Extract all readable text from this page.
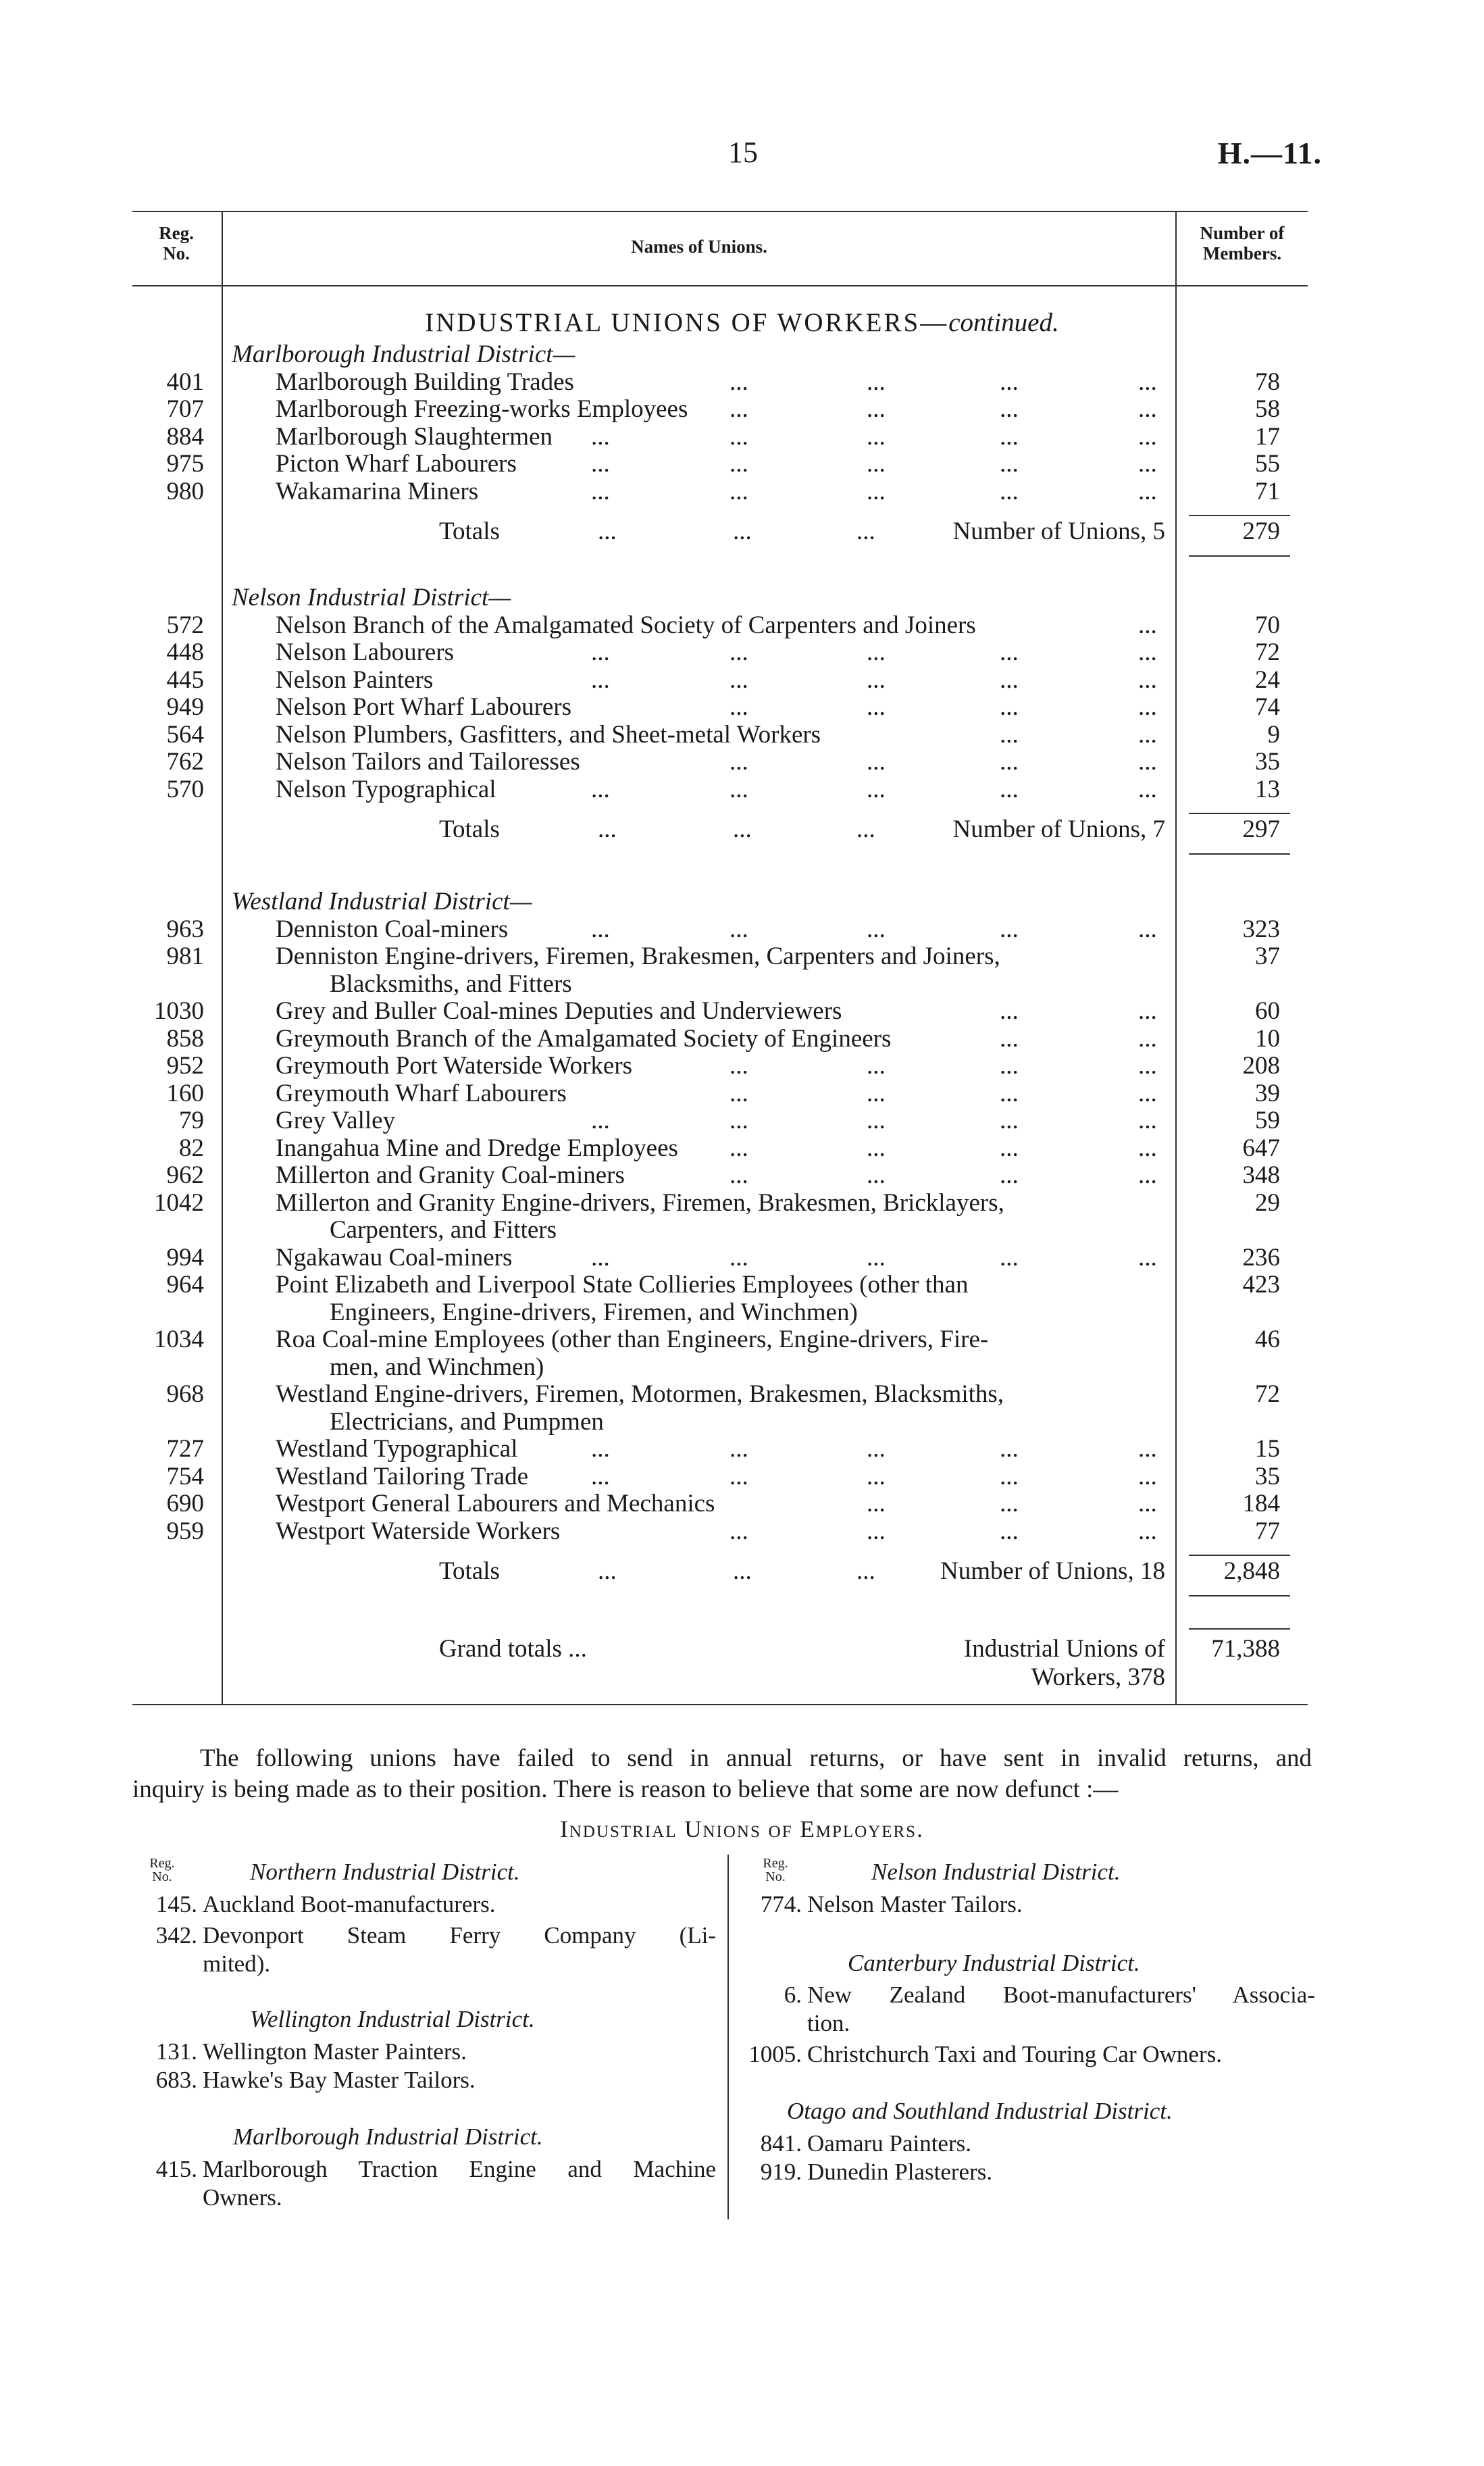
15	H.—11.
Reg.
No.	Names of Unions.
Number of
Members.
INDUSTRIAL UNIONS OF WORKERS—continued.
Marlborough Industrial District—
401	Marlborough Building Trades	...	...	...	...	78
707	Marlborough Freezing-works Employees	...	...	...	...	58
884	Marlborough Slaughtermen	...	...	...	...	...	17
975	Picton Wharf Labourers	...	...	...	...	...	55
980	Wakamarina Miners	...	...	...	...	...	71
Totals	...	...	...	Number of Unions, 5	279
Nelson Industrial District—
572	Nelson Branch of the Amalgamated Society of Carpenters and Joiners	...	70
448	Nelson Labourers	...	...	...	...	...	72
445	Nelson Painters	...	...	...	...	...	24
949	Nelson Port Wharf Labourers	...	...	...	...	74
564	Nelson Plumbers, Gasfitters, and Sheet-metal Workers	...	...	9
762	Nelson Tailors and Tailoresses	...	...	...	...	35
570	Nelson Typographical	...	...	...	...	...	13
Totals	...	...	...	Number of Unions, 7	297
Westland Industrial District—
963	Denniston Coal-miners	...	...	...	...	...	323
981	Denniston Engine-drivers, Firemen, Brakesmen, Carpenters and Joiners,	37
Blacksmiths, and Fitters
1030	Grey and Buller Coal-mines Deputies and Underviewers	...	...	60
858	Greymouth Branch of the Amalgamated Society of Engineers	...	...	10
952	Greymouth Port Waterside Workers	...	...	...	...	208
160	Greymouth Wharf Labourers	...	...	...	...	39
79	Grey Valley	...	...	...	...	...	59
82	Inangahua Mine and Dredge Employees	...	...	...	...	647
962	Millerton and Granity Coal-miners	...	...	...	...	348
1042	Millerton and Granity Engine-drivers, Firemen, Brakesmen, Bricklayers,	29
Carpenters, and Fitters
994	Ngakawau Coal-miners	...	...	...	...	...	236
964	Point Elizabeth and Liverpool State Collieries Employees (other than	423
Engineers, Engine-drivers, Firemen, and Winchmen)
1034	Roa Coal-mine Employees (other than Engineers, Engine-drivers, Fire-	46
men, and Winchmen)
968	Westland Engine-drivers, Firemen, Motormen, Brakesmen, Blacksmiths,	72
Electricians, and Pumpmen
727	Westland Typographical	...	...	...	...	...	15
754	Westland Tailoring Trade	...	...	...	...	...	35
690	Westport General Labourers and Mechanics	...	...	...	184
959	Westport Waterside Workers	...	...	...	...	77
Totals	...	...	...	Number of Unions, 18	2,848
Grand totals ...	Industrial Unions of Workers, 378
71,388
The following unions have failed to send in annual returns, or have sent in invalid returns, and
inquiry is being made as to their position. There is reason to believe that some are now defunct :—
Industrial Unions of Employers.
Reg.
No.	Northern Industrial District.
145. Auckland Boot-manufacturers.
342. Devonport Steam Ferry Company (Li-
mited).
Wellington Industrial District.
131. Wellington Master Painters.
683. Hawke's Bay Master Tailors.
Marlborough Industrial District.
415. Marlborough Traction Engine and Machine
Owners.
Reg.
No.	Nelson Industrial District.
774. Nelson Master Tailors.
Canterbury Industrial District.
6. New Zealand Boot-manufacturers' Associa-
tion.
1005. Christchurch Taxi and Touring Car Owners.
Otago and Southland Industrial District.
841. Oamaru Painters.
919. Dunedin Plasterers.
